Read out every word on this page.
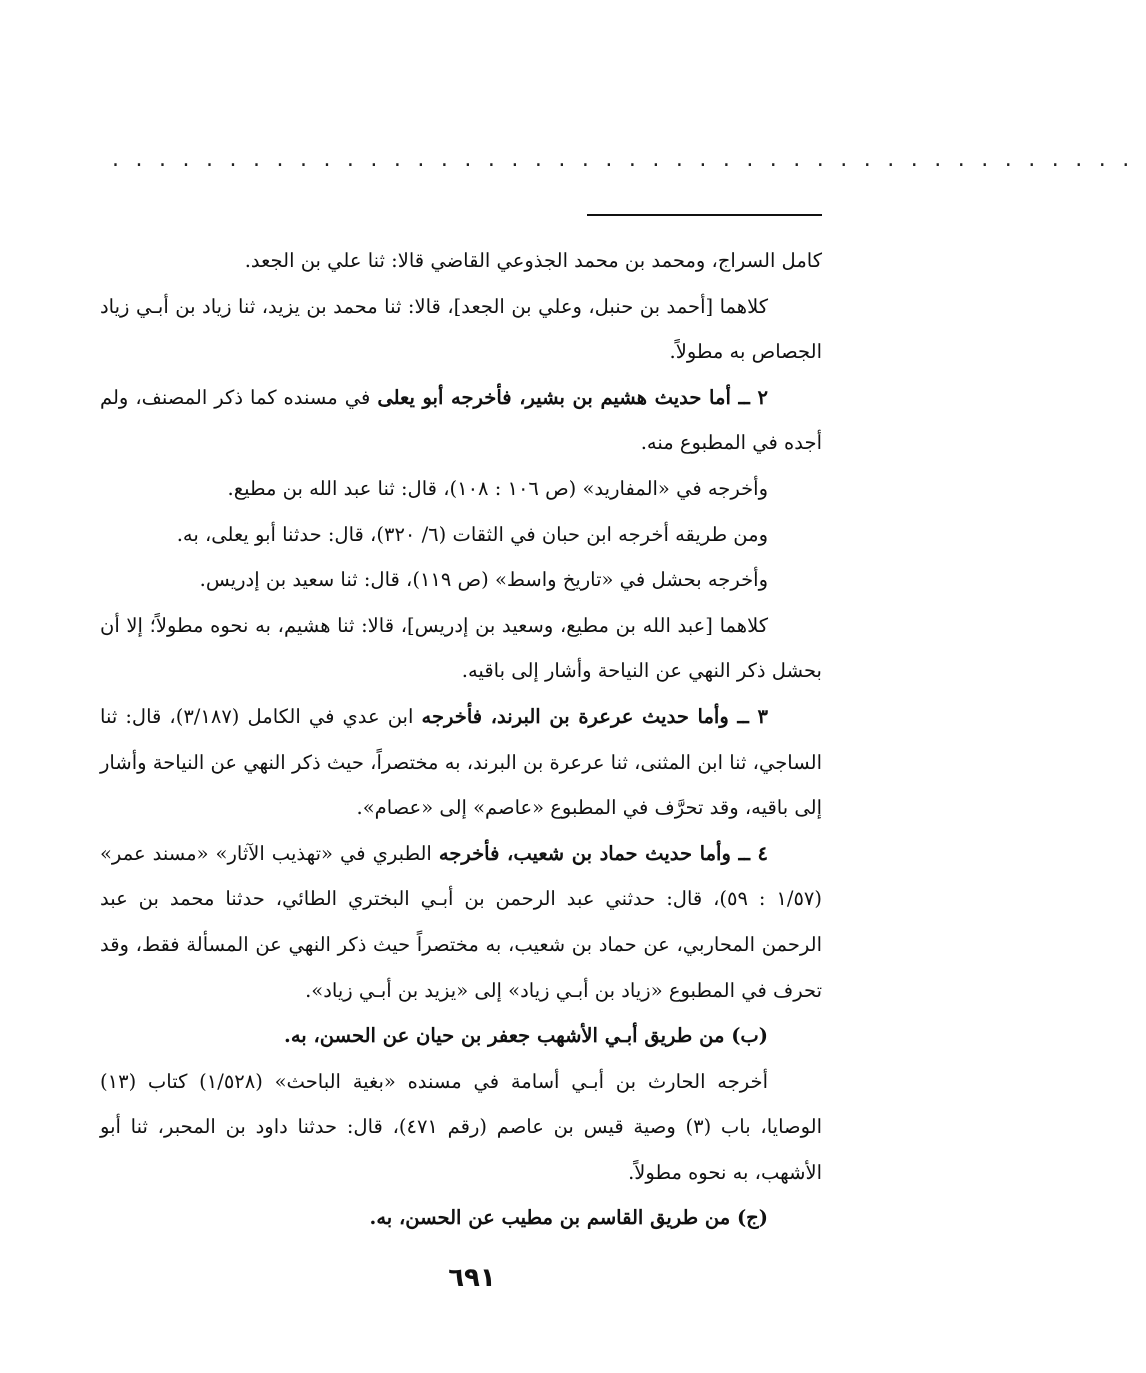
............................................

كامل السراج، ومحمد بن محمد الجذوعي القاضي قالا: ثنا علي بن الجعد.

كلاهما [أحمد بن حنبل، وعلي بن الجعد]، قالا: ثنا محمد بن يزيد، ثنا زياد بن أبـي زياد الجصاص به مطولاً.

٢ ــ أما حديث هشيم بن بشير، فأخرجه أبو يعلى في مسنده كما ذكر المصنف، ولم أجده في المطبوع منه.

وأخرجه في «المفاريد» (ص ١٠٦ : ١٠٨)، قال: ثنا عبد الله بن مطيع.

ومن طريقه أخرجه ابن حبان في الثقات (٦/ ٣٢٠)، قال: حدثنا أبو يعلى، به.

وأخرجه بحشل في «تاريخ واسط» (ص ١١٩)، قال: ثنا سعيد بن إدريس.

كلاهما [عبد الله بن مطيع، وسعيد بن إدريس]، قالا: ثنا هشيم، به نحوه مطولاً؛ إلا أن بحشل ذكر النهي عن النياحة وأشار إلى باقيه.

٣ ــ وأما حديث عرعرة بن البرند، فأخرجه ابن عدي في الكامل (٣/١٨٧)، قال: ثنا الساجي، ثنا ابن المثنى، ثنا عرعرة بن البرند، به مختصراً، حيث ذكر النهي عن النياحة وأشار إلى باقيه، وقد تحرَّف في المطبوع «عاصم» إلى «عصام».

٤ ــ وأما حديث حماد بن شعيب، فأخرجه الطبري في «تهذيب الآثار» «مسند عمر» (١/٥٧ : ٥٩)، قال: حدثني عبد الرحمن بن أبـي البختري الطائي، حدثنا محمد بن عبد الرحمن المحاربي، عن حماد بن شعيب، به مختصراً حيث ذكر النهي عن المسألة فقط، وقد تحرف في المطبوع «زياد بن أبـي زياد» إلى «يزيد بن أبـي زياد».

(ب) من طريق أبـي الأشهب جعفر بن حيان عن الحسن، به.

أخرجه الحارث بن أبـي أسامة في مسنده «بغية الباحث» (١/٥٢٨) كتاب (١٣) الوصايا، باب (٣) وصية قيس بن عاصم (رقم ٤٧١)، قال: حدثنا داود بن المحبر، ثنا أبو الأشهب، به نحوه مطولاً.

(ج) من طريق القاسم بن مطيب عن الحسن، به.

٦٩١
